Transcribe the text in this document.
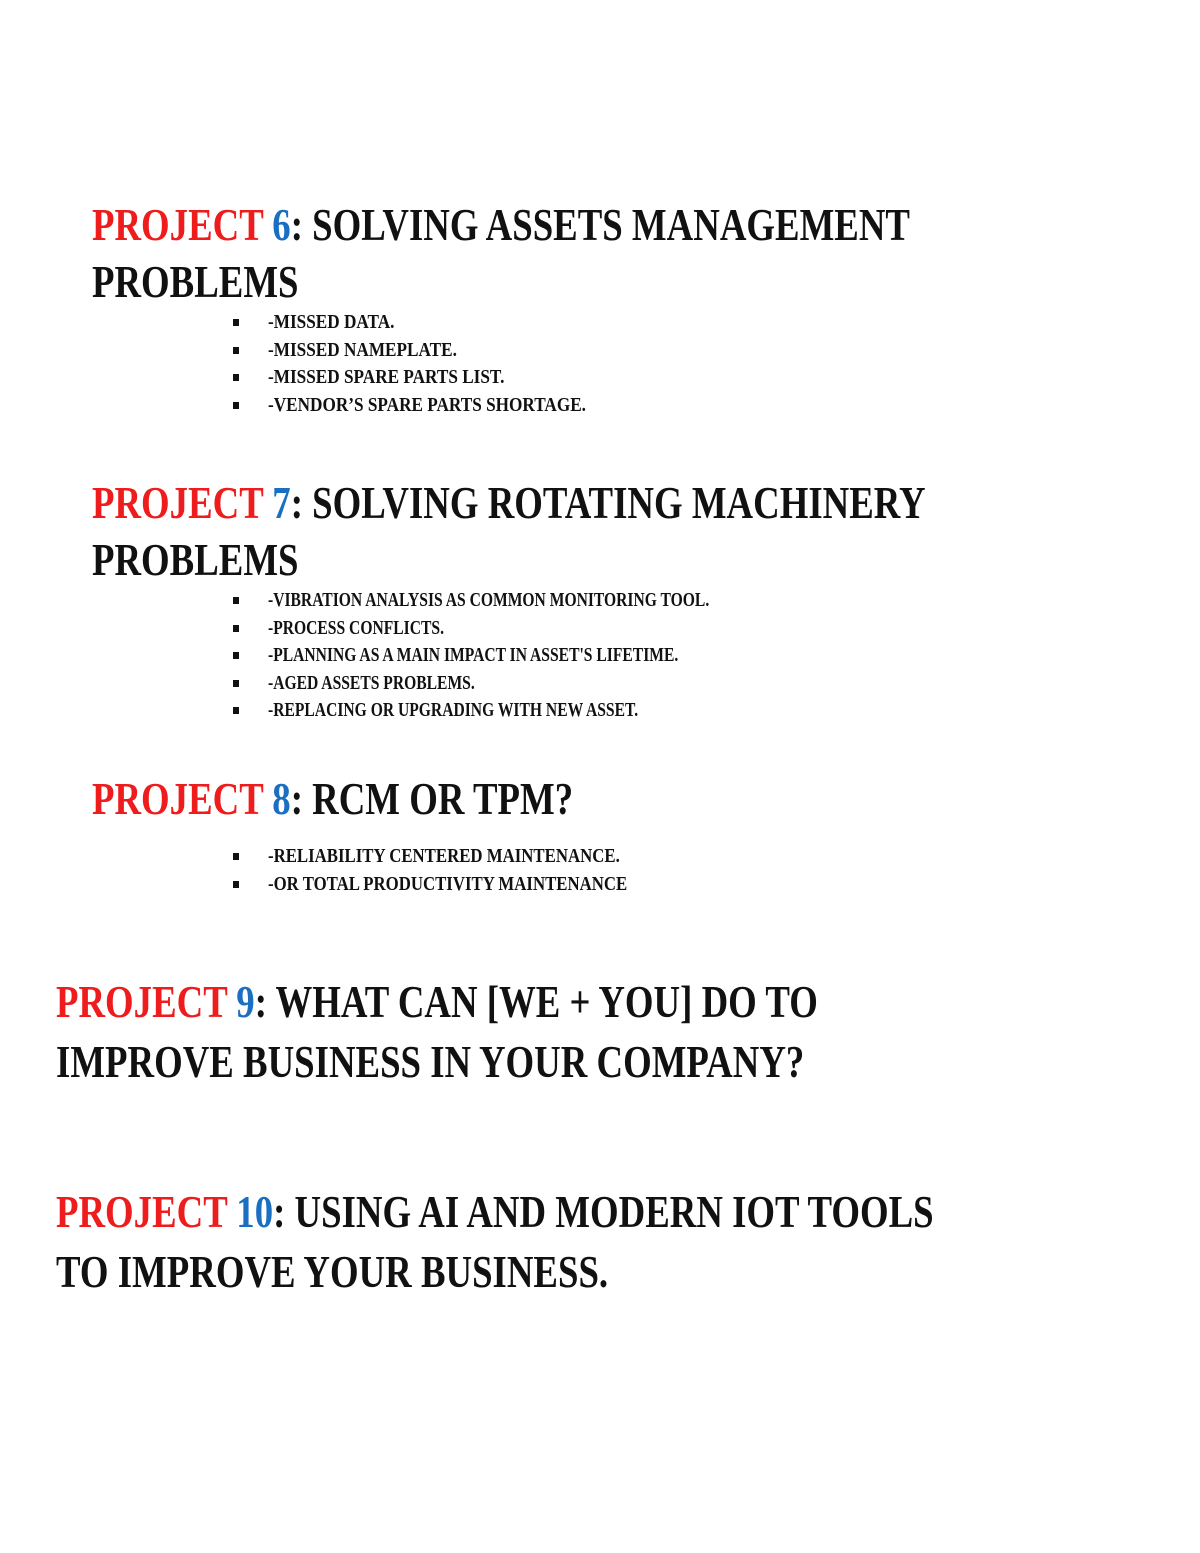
PROJECT 6: SOLVING ASSETS MANAGEMENT
PROBLEMS
-MISSED DATA.
-MISSED NAMEPLATE.
-MISSED SPARE PARTS LIST.
-VENDOR’S SPARE PARTS SHORTAGE.
PROJECT 7: SOLVING ROTATING MACHINERY
PROBLEMS
-VIBRATION ANALYSIS AS COMMON MONITORING TOOL.
-PROCESS CONFLICTS.
-PLANNING AS A MAIN IMPACT IN ASSET'S LIFETIME.
-AGED ASSETS PROBLEMS.
-REPLACING OR UPGRADING WITH NEW ASSET.
PROJECT 8: RCM OR TPM?
-RELIABILITY CENTERED MAINTENANCE.
-OR TOTAL PRODUCTIVITY MAINTENANCE
PROJECT 9: WHAT CAN [WE + YOU] DO TO
IMPROVE BUSINESS IN YOUR COMPANY?
PROJECT 10: USING AI AND MODERN IOT TOOLS
TO IMPROVE YOUR BUSINESS.
